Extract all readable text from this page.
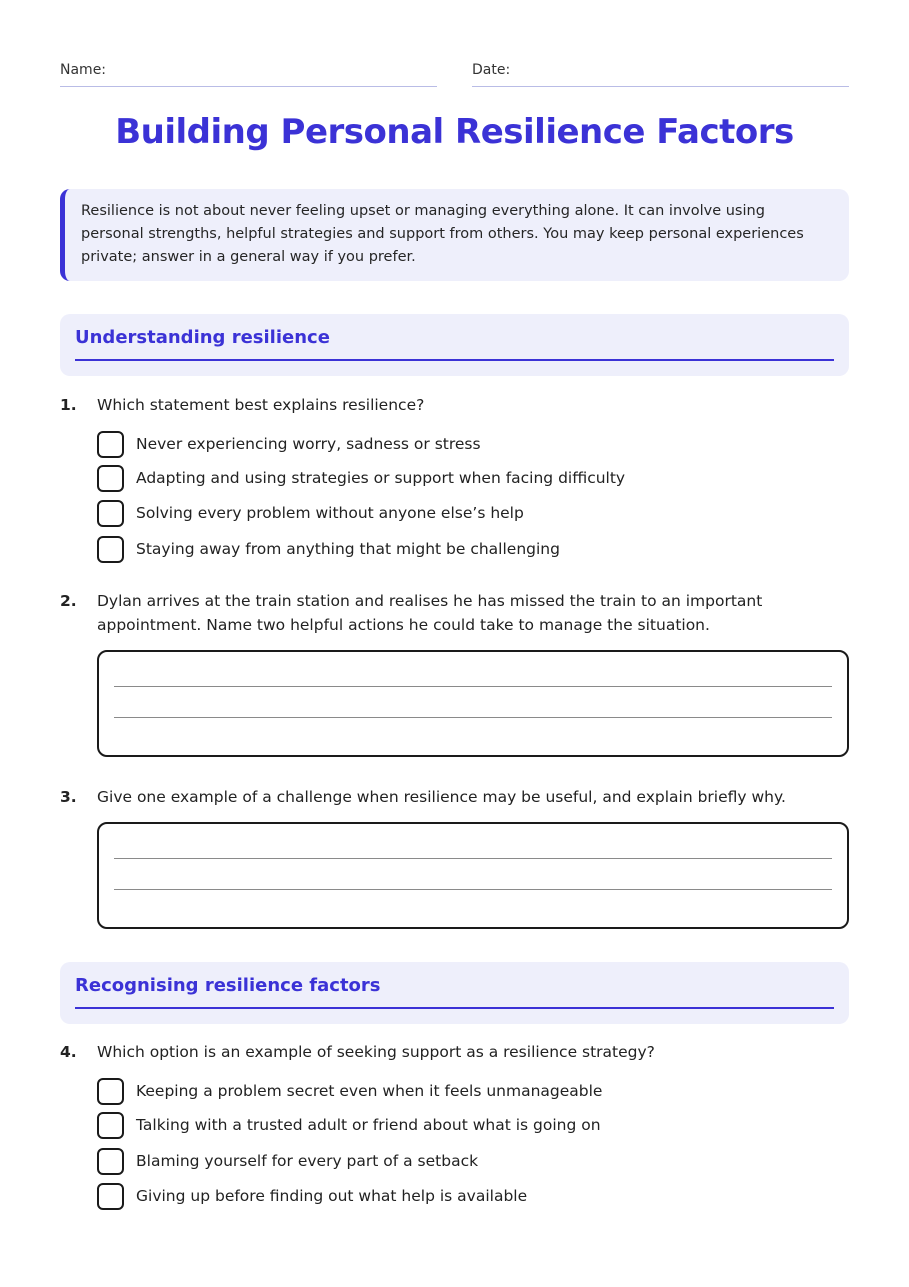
Name:	Date:
Building Personal Resilience Factors
Resilience is not about never feeling upset or managing everything alone. It can involve using personal strengths, helpful strategies and support from others. You may keep personal experiences private; answer in a general way if you prefer.
Understanding resilience
1. Which statement best explains resilience?
Never experiencing worry, sadness or stress
Adapting and using strategies or support when facing difficulty
Solving every problem without anyone else’s help
Staying away from anything that might be challenging
2. Dylan arrives at the train station and realises he has missed the train to an important appointment. Name two helpful actions he could take to manage the situation.
3. Give one example of a challenge when resilience may be useful, and explain briefly why.
Recognising resilience factors
4. Which option is an example of seeking support as a resilience strategy?
Keeping a problem secret even when it feels unmanageable
Talking with a trusted adult or friend about what is going on
Blaming yourself for every part of a setback
Giving up before finding out what help is available
